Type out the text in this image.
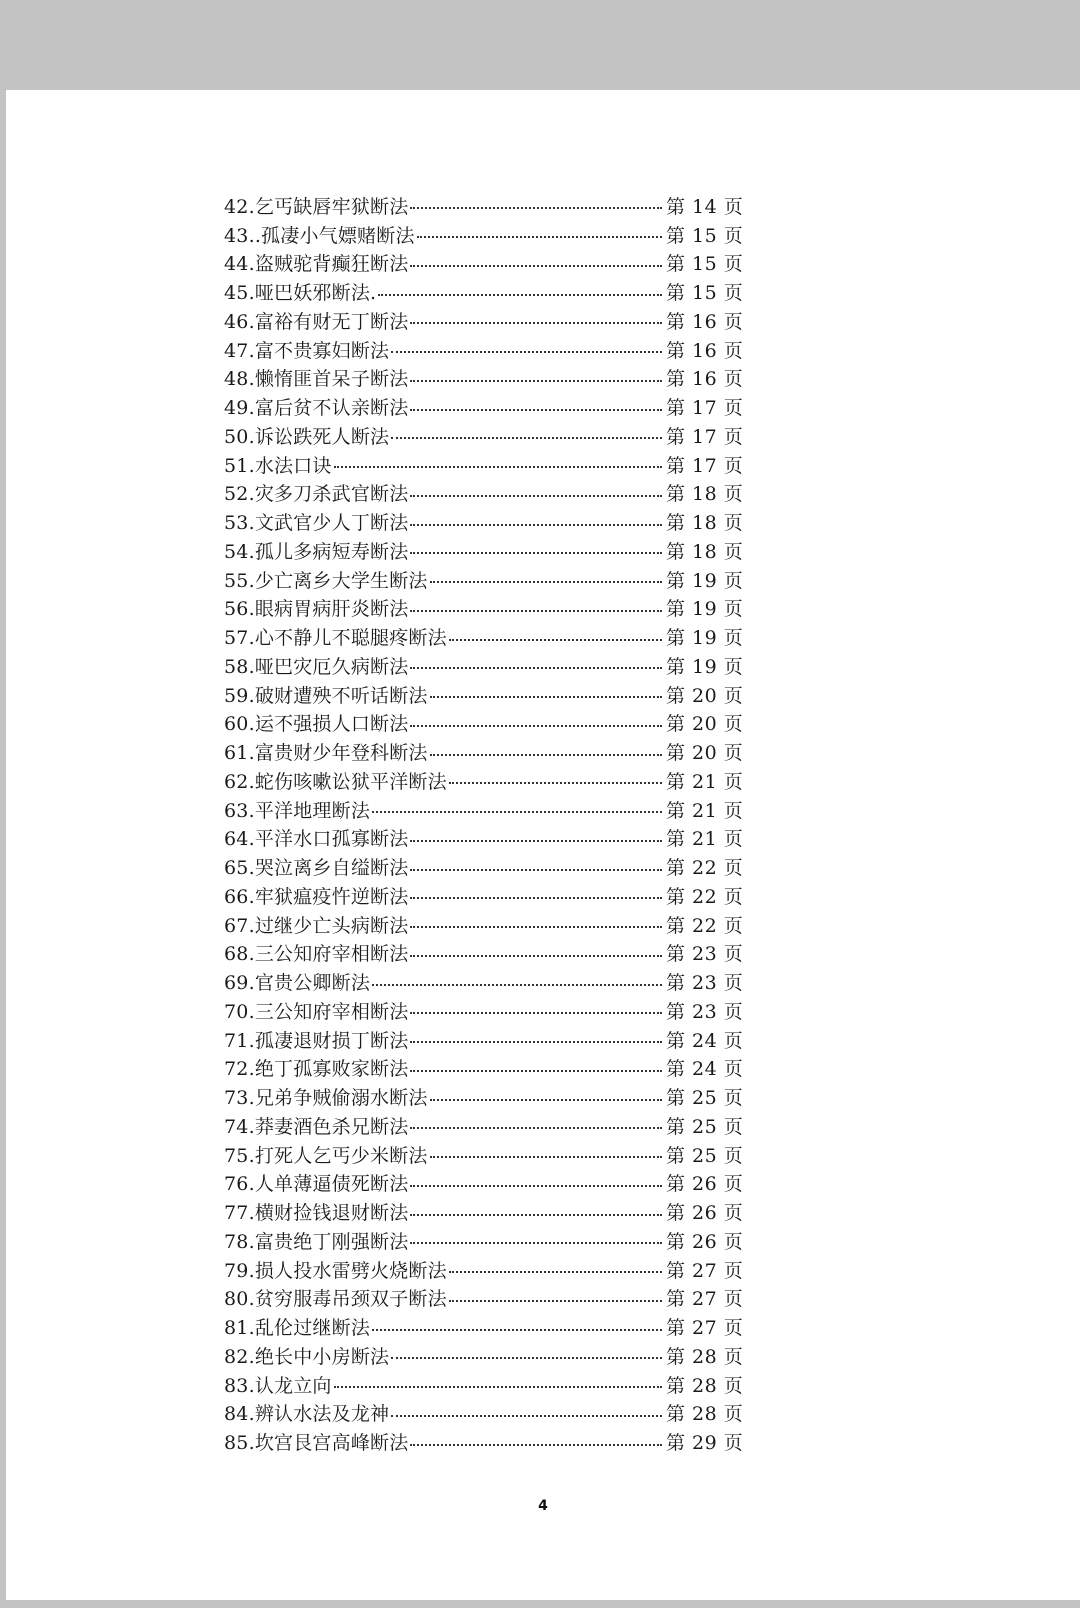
42.乞丐缺唇牢狱断法	第 14 页
43..孤凄小气嫖赌断法	第 15 页
44.盗贼驼背癫狂断法	第 15 页
45.哑巴妖邪断法.	第 15 页
46.富裕有财无丁断法	第 16 页
47.富不贵寡妇断法	第 16 页
48.懒惰匪首呆子断法	第 16 页
49.富后贫不认亲断法	第 17 页
50.诉讼跌死人断法	第 17 页
51.水法口诀	第 17 页
52.灾多刀杀武官断法	第 18 页
53.文武官少人丁断法	第 18 页
54.孤儿多病短寿断法	第 18 页
55.少亡离乡大学生断法	第 19 页
56.眼病胃病肝炎断法	第 19 页
57.心不静儿不聪腿疼断法	第 19 页
58.哑巴灾厄久病断法	第 19 页
59.破财遭殃不听话断法	第 20 页
60.运不强损人口断法	第 20 页
61.富贵财少年登科断法	第 20 页
62.蛇伤咳嗽讼狱平洋断法	第 21 页
63.平洋地理断法	第 21 页
64.平洋水口孤寡断法	第 21 页
65.哭泣离乡自缢断法	第 22 页
66.牢狱瘟疫忤逆断法	第 22 页
67.过继少亡头病断法	第 22 页
68.三公知府宰相断法	第 23 页
69.官贵公卿断法	第 23 页
70.三公知府宰相断法	第 23 页
71.孤凄退财损丁断法	第 24 页
72.绝丁孤寡败家断法	第 24 页
73.兄弟争贼偷溺水断法	第 25 页
74.莽妻酒色杀兄断法	第 25 页
75.打死人乞丐少米断法	第 25 页
76.人单薄逼债死断法	第 26 页
77.横财捡钱退财断法	第 26 页
78.富贵绝丁刚强断法	第 26 页
79.损人投水雷劈火烧断法	第 27 页
80.贫穷服毒吊颈双子断法	第 27 页
81.乱伦过继断法	第 27 页
82.绝长中小房断法	第 28 页
83.认龙立向	第 28 页
84.辨认水法及龙神	第 28 页
85.坎宫艮宫高峰断法	第 29 页
4
